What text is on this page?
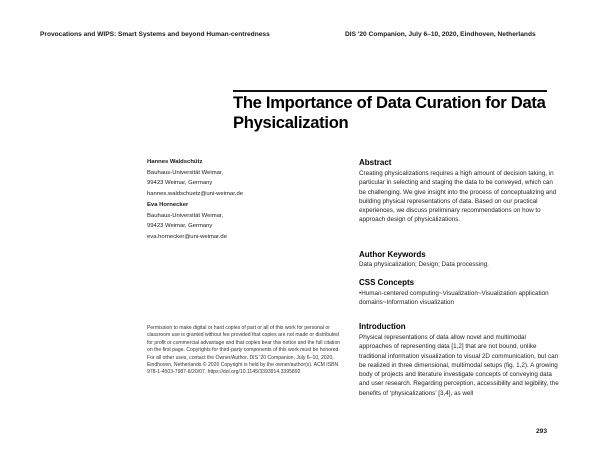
Provocations and WIPS: Smart Systems and beyond Human-centredness	DIS '20 Companion, July 6–10, 2020, Eindhoven, Netherlands
The Importance of Data Curation for Data Physicalization
Hannes Waldschütz
Bauhaus-Universität Weimar,
99423 Weimar, Germany
hannes.waldschuetz@uni-weimar.de
Eva Hornecker
Bauhaus-Universität Weimar,
99423 Weimar, Germany
eva.hornecker@uni-weimar.de
Abstract

Creating physicalizations requires a high amount of decision taking, in particular in selecting and staging the data to be conveyed, which can be challenging. We give insight into the process of conceptualizing and building physical representations of data. Based on our practical experiences, we discuss preliminary recommendations on how to approach design of physicalizations.

Author Keywords

Data physicalization; Design; Data processing.

CSS Concepts

•Human-centered computing~Visualization~Visualization application domains~Information visualization

Introduction

Physical representations of data allow novel and multimodal approaches of representing data [1,2] that are not bound, unlike traditional information visualization to visual 2D communication, but can be realized in three dimensional, multimodal setups (fig. 1,2). A growing body of projects and literature investigate concepts of conveying data and user research. Regarding perception, accessibility and legibility, the benefits of ‘physicalizations’ [3,4], as well

Permission to make digital or hard copies of part or all of this work for personal or classroom use is granted without fee provided that copies are not made or distributed for profit or commercial advantage and that copies bear this notice and the full citation on the first page. Copyrights for third-party components of this work must be honored. For all other uses, contact the Owner/Author. DIS '20 Companion, July 6–10, 2020, Eindhoven, Netherlands © 2020 Copyright is held by the owner/author(s). ACM ISBN 978-1-4503-7987-8/20/07. https://doi.org/10.1145/3393914.3395892

293
